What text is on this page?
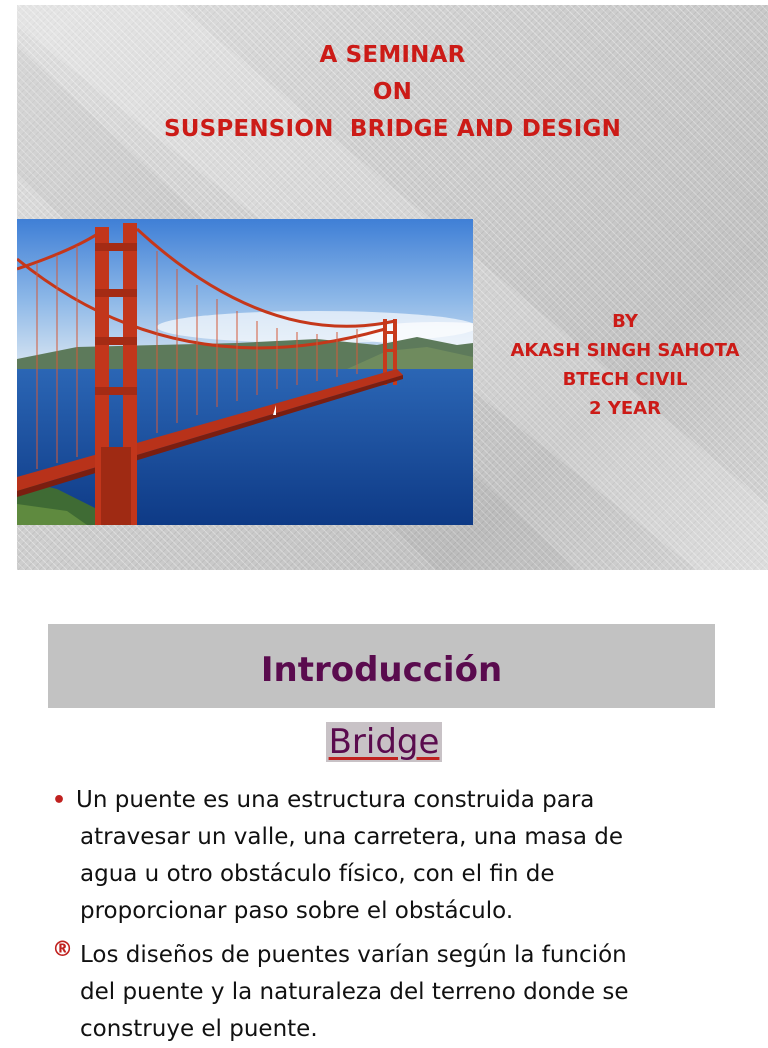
A SEMINAR
ON
SUSPENSION  BRIDGE AND DESIGN
BY
AKASH SINGH SAHOTA
BTECH CIVIL
2 YEAR
Introducción
Bridge
• Un puente es una estructura construida para
atravesar un valle, una carretera, una masa de
agua u otro obstáculo físico, con el fin de
proporcionar paso sobre el obstáculo.
® Los diseños de puentes varían según la función
del puente y la naturaleza del terreno donde se
construye el puente.
